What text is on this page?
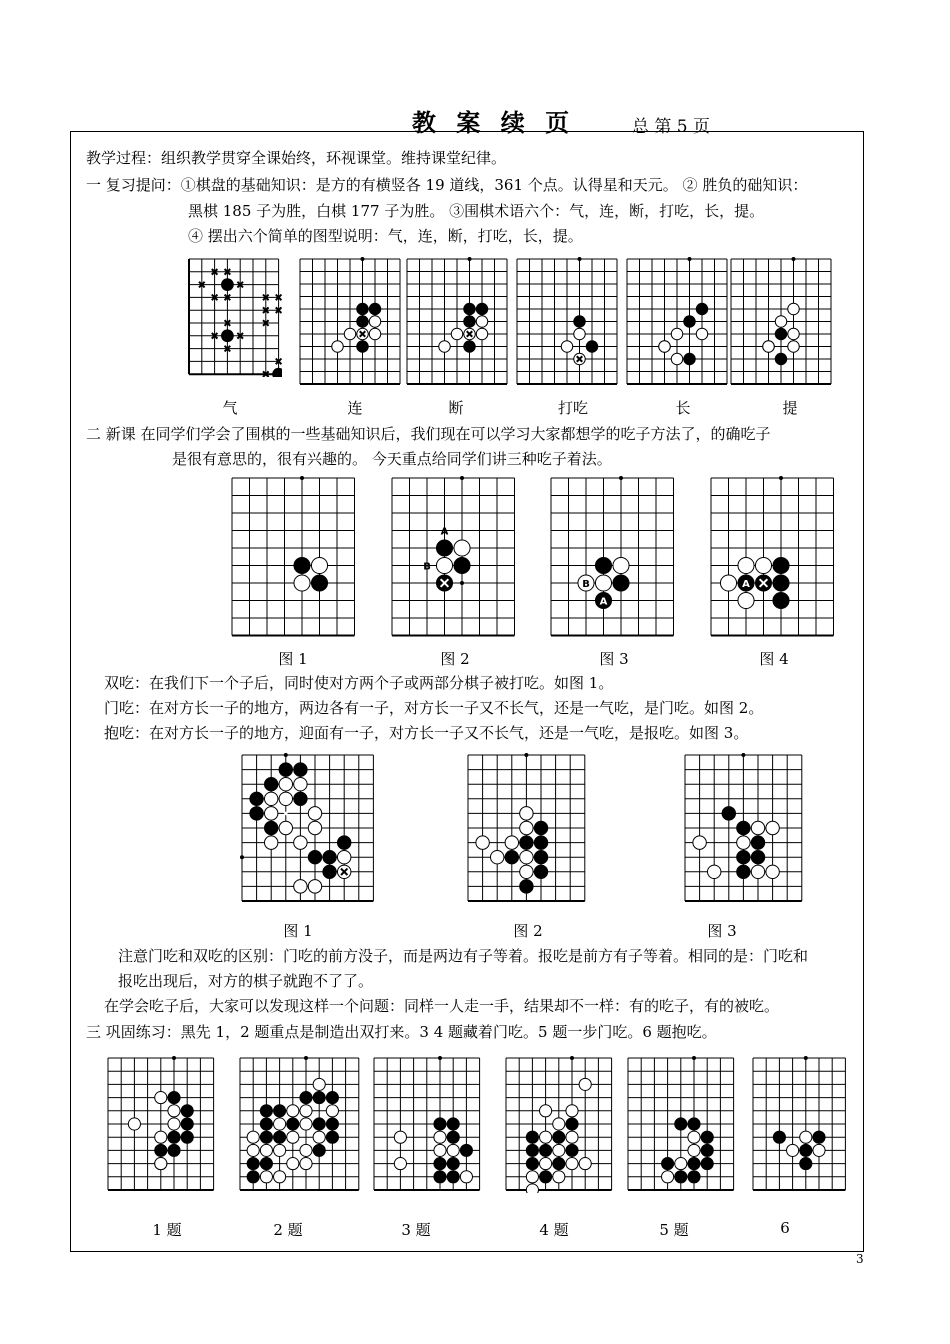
教 案 续 页	总 第 5 页
教学过程：组织教学贯穿全课始终，环视课堂。维持课堂纪律。
一 复习提问：①棋盘的基础知识：是方的有横竖各 19 道线，361 个点。认得星和天元。 ② 胜负的础知识：
黑棋 185 子为胜，白棋 177 子为胜。 ③围棋术语六个：气，连，断，打吃，长，提。
④ 摆出六个简单的图型说明：气，连，断，打吃，长，提。
气	连	断	打吃	长	提
二 新课 在同学们学会了围棋的一些基础知识后，我们现在可以学习大家都想学的吃子方法了，的确吃子
是很有意思的，很有兴趣的。 今天重点给同学们讲三种吃子着法。
A
B
B
A
A
图 1	图 2	图 3	图 4
双吃：在我们下一个子后，同时使对方两个子或两部分棋子被打吃。如图 1。
门吃：在对方长一子的地方，两边各有一子，对方长一子又不长气，还是一气吃，是门吃。如图 2。
抱吃：在对方长一子的地方，迎面有一子，对方长一子又不长气，还是一气吃，是报吃。如图 3。
图 1	图 2	图 3
注意门吃和双吃的区别：门吃的前方没子，而是两边有子等着。报吃是前方有子等着。相同的是：门吃和
报吃出现后，对方的棋子就跑不了了。
在学会吃子后，大家可以发现这样一个问题：同样一人走一手，结果却不一样：有的吃子，有的被吃。
三 巩固练习：黑先 1，2 题重点是制造出双打来。3 4 题藏着门吃。5 题一步门吃。6 题抱吃。
1 题	2 题	3 题	4 题	5 题	6
3
